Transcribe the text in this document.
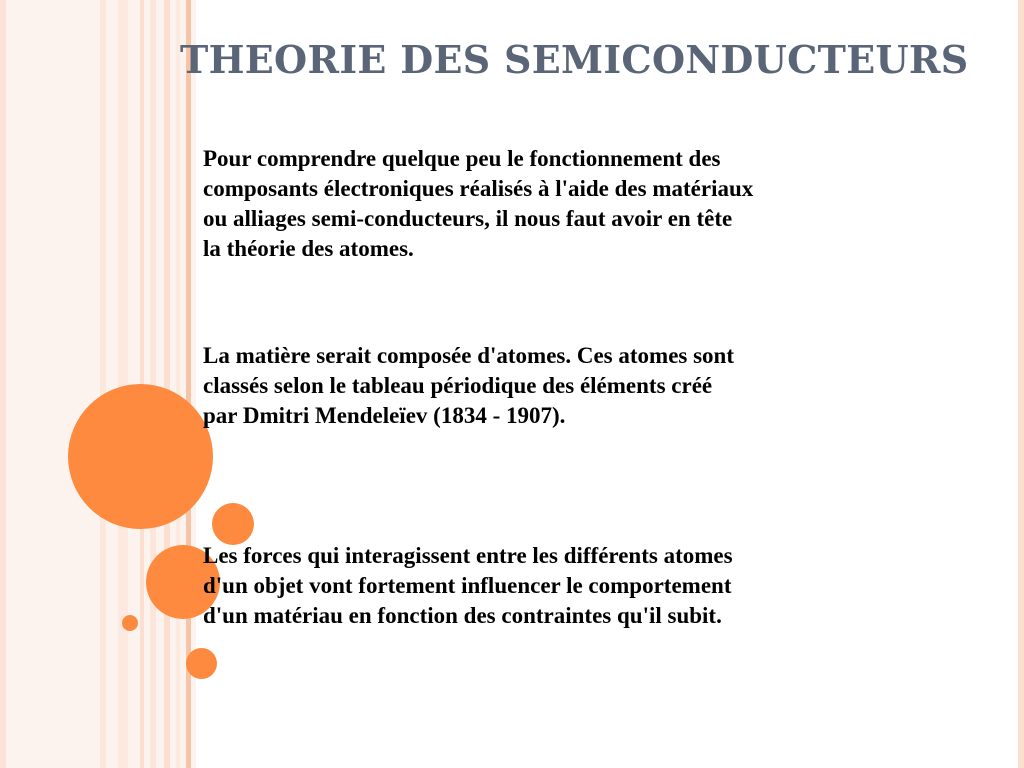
THEORIE DES SEMICONDUCTEURS

Pour comprendre quelque peu le fonctionnement des
composants électroniques réalisés à l'aide des matériaux
ou alliages semi-conducteurs, il nous faut avoir en tête
la théorie des atomes.

La matière serait composée d'atomes. Ces atomes sont
classés selon le tableau périodique des éléments créé
par Dmitri Mendeleïev (1834 - 1907).

Les forces qui interagissent entre les différents atomes
d'un objet vont fortement influencer le comportement
d'un matériau en fonction des contraintes qu'il subit.
